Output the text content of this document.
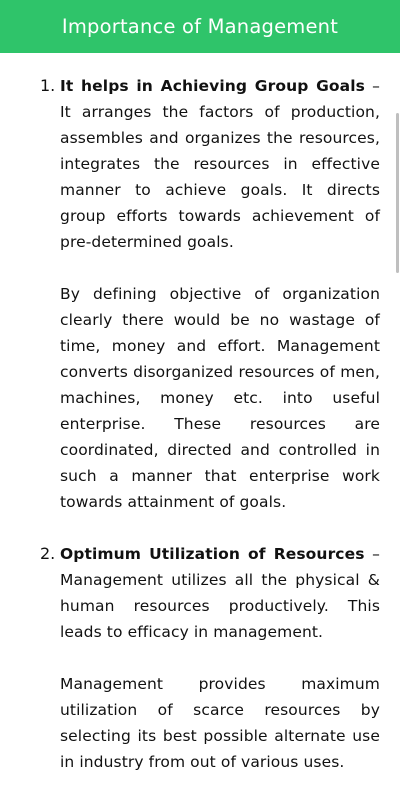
Importance of Management
1. It helps in Achieving Group Goals – It arranges the factors of production, assembles and organizes the resources, integrates the resources in effective manner to achieve goals. It directs group efforts towards achievement of pre-determined goals.

By defining objective of organization clearly there would be no wastage of time, money and effort. Management converts disorganized resources of men, machines, money etc. into useful enterprise. These resources are coordinated, directed and controlled in such a manner that enterprise work towards attainment of goals.

2. Optimum Utilization of Resources – Management utilizes all the physical & human resources productively. This leads to efficacy in management.

Management provides maximum utilization of scarce resources by selecting its best possible alternate use in industry from out of various uses.
